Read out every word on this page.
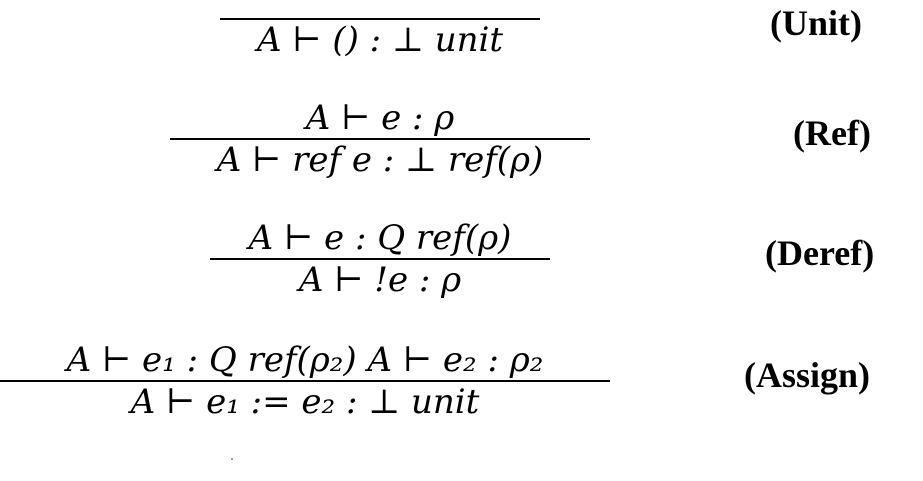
A ⊢ () : ⊥ unit	(Unit)
A ⊢ e : ρ
A ⊢ ref e : ⊥ ref(ρ)
(Ref)
A ⊢ e : Q ref(ρ)
A ⊢ !e : ρ
(Deref)
A ⊢ e₁ : Q ref(ρ₂) A ⊢ e₂ : ρ₂
A ⊢ e₁ := e₂ : ⊥ unit
(Assign)
